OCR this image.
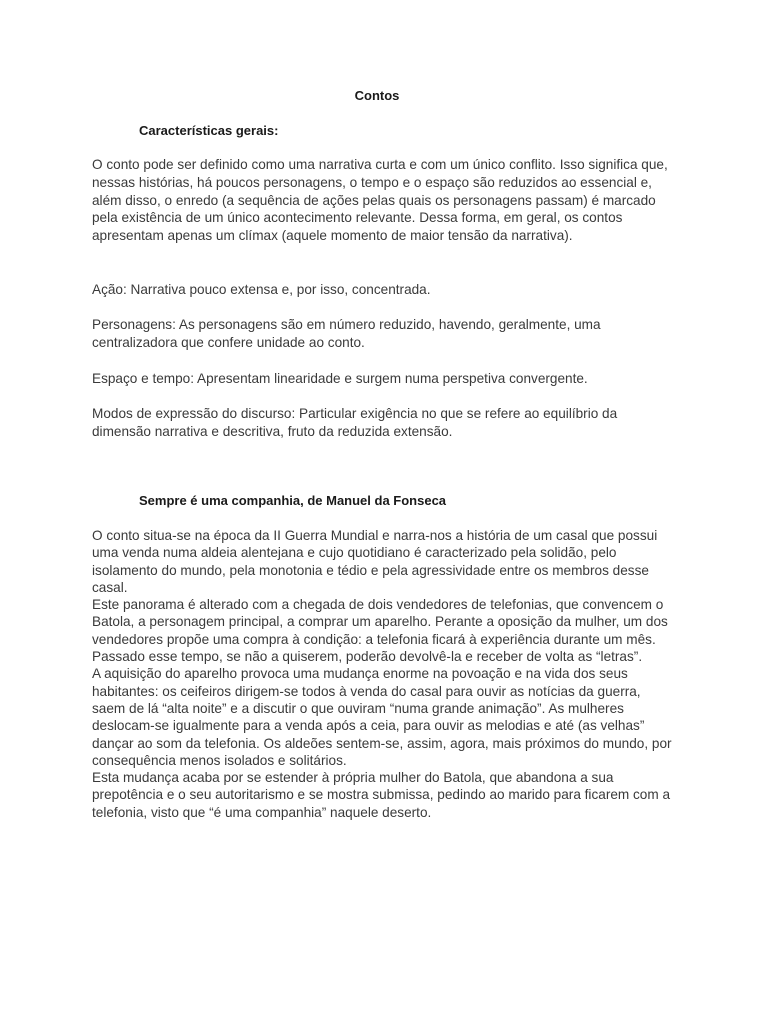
Contos
Características gerais:

O conto pode ser definido como uma narrativa curta e com um único conflito. Isso significa que, nessas histórias, há poucos personagens, o tempo e o espaço são reduzidos ao essencial e, além disso, o enredo (a sequência de ações pelas quais os personagens passam) é marcado pela existência de um único acontecimento relevante. Dessa forma, em geral, os contos apresentam apenas um clímax (aquele momento de maior tensão da narrativa).

Ação: Narrativa pouco extensa e, por isso, concentrada.

Personagens: As personagens são em número reduzido, havendo, geralmente, uma centralizadora que confere unidade ao conto.

Espaço e tempo: Apresentam linearidade e surgem numa perspetiva convergente.

Modos de expressão do discurso: Particular exigência no que se refere ao equilíbrio da dimensão narrativa e descritiva, fruto da reduzida extensão.

Sempre é uma companhia, de Manuel da Fonseca

O conto situa-se na época da II Guerra Mundial e narra-nos a história de um casal que possui uma venda numa aldeia alentejana e cujo quotidiano é caracterizado pela solidão, pelo isolamento do mundo, pela monotonia e tédio e pela agressividade entre os membros desse casal.

Este panorama é alterado com a chegada de dois vendedores de telefonias, que convencem o Batola, a personagem principal, a comprar um aparelho. Perante a oposição da mulher, um dos vendedores propõe uma compra à condição: a telefonia ficará à experiência durante um mês. Passado esse tempo, se não a quiserem, poderão devolvê-la e receber de volta as “letras”.

A aquisição do aparelho provoca uma mudança enorme na povoação e na vida dos seus habitantes: os ceifeiros dirigem-se todos à venda do casal para ouvir as notícias da guerra, saem de lá “alta noite” e a discutir o que ouviram “numa grande animação”. As mulheres deslocam-se igualmente para a venda após a ceia, para ouvir as melodias e até (as velhas” dançar ao som da telefonia. Os aldeões sentem-se, assim, agora, mais próximos do mundo, por consequência menos isolados e solitários.

Esta mudança acaba por se estender à própria mulher do Batola, que abandona a sua prepotência e o seu autoritarismo e se mostra submissa, pedindo ao marido para ficarem com a telefonia, visto que “é uma companhia” naquele deserto.
